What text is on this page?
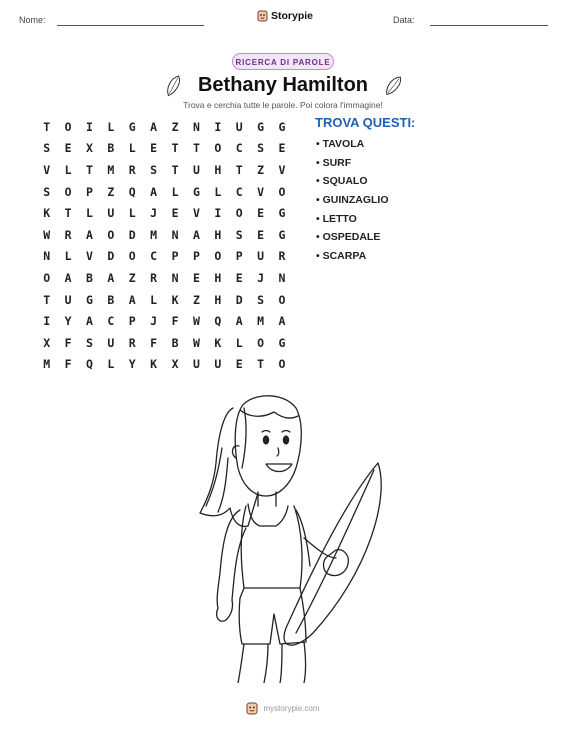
Nome:	Storypie	Data:
RICERCA DI PAROLE
Bethany Hamilton
Trova e cerchia tutte le parole. Poi colora l'immagine!
T	O	I	L	G	A	Z	N	I	U	G	G
S	E	X	B	L	E	T	T	O	C	S	E
V	L	T	M	R	S	T	U	H	T	Z	V
S	O	P	Z	Q	A	L	G	L	C	V	O
K	T	L	U	L	J	E	V	I	O	E	G
W	R	A	O	D	M	N	A	H	S	E	G
N	L	V	D	O	C	P	P	O	P	U	R
O	A	B	A	Z	R	N	E	H	E	J	N
T	U	G	B	A	L	K	Z	H	D	S	O
I	Y	A	C	P	J	F	W	Q	A	M	A
X	F	S	U	R	F	B	W	K	L	O	G
M	F	Q	L	Y	K	X	U	U	E	T	O
TROVA QUESTI:
• TAVOLA
• SURF
• SQUALO
• GUINZAGLIO
• LETTO
• OSPEDALE
• SCARPA
mystorypie.com
